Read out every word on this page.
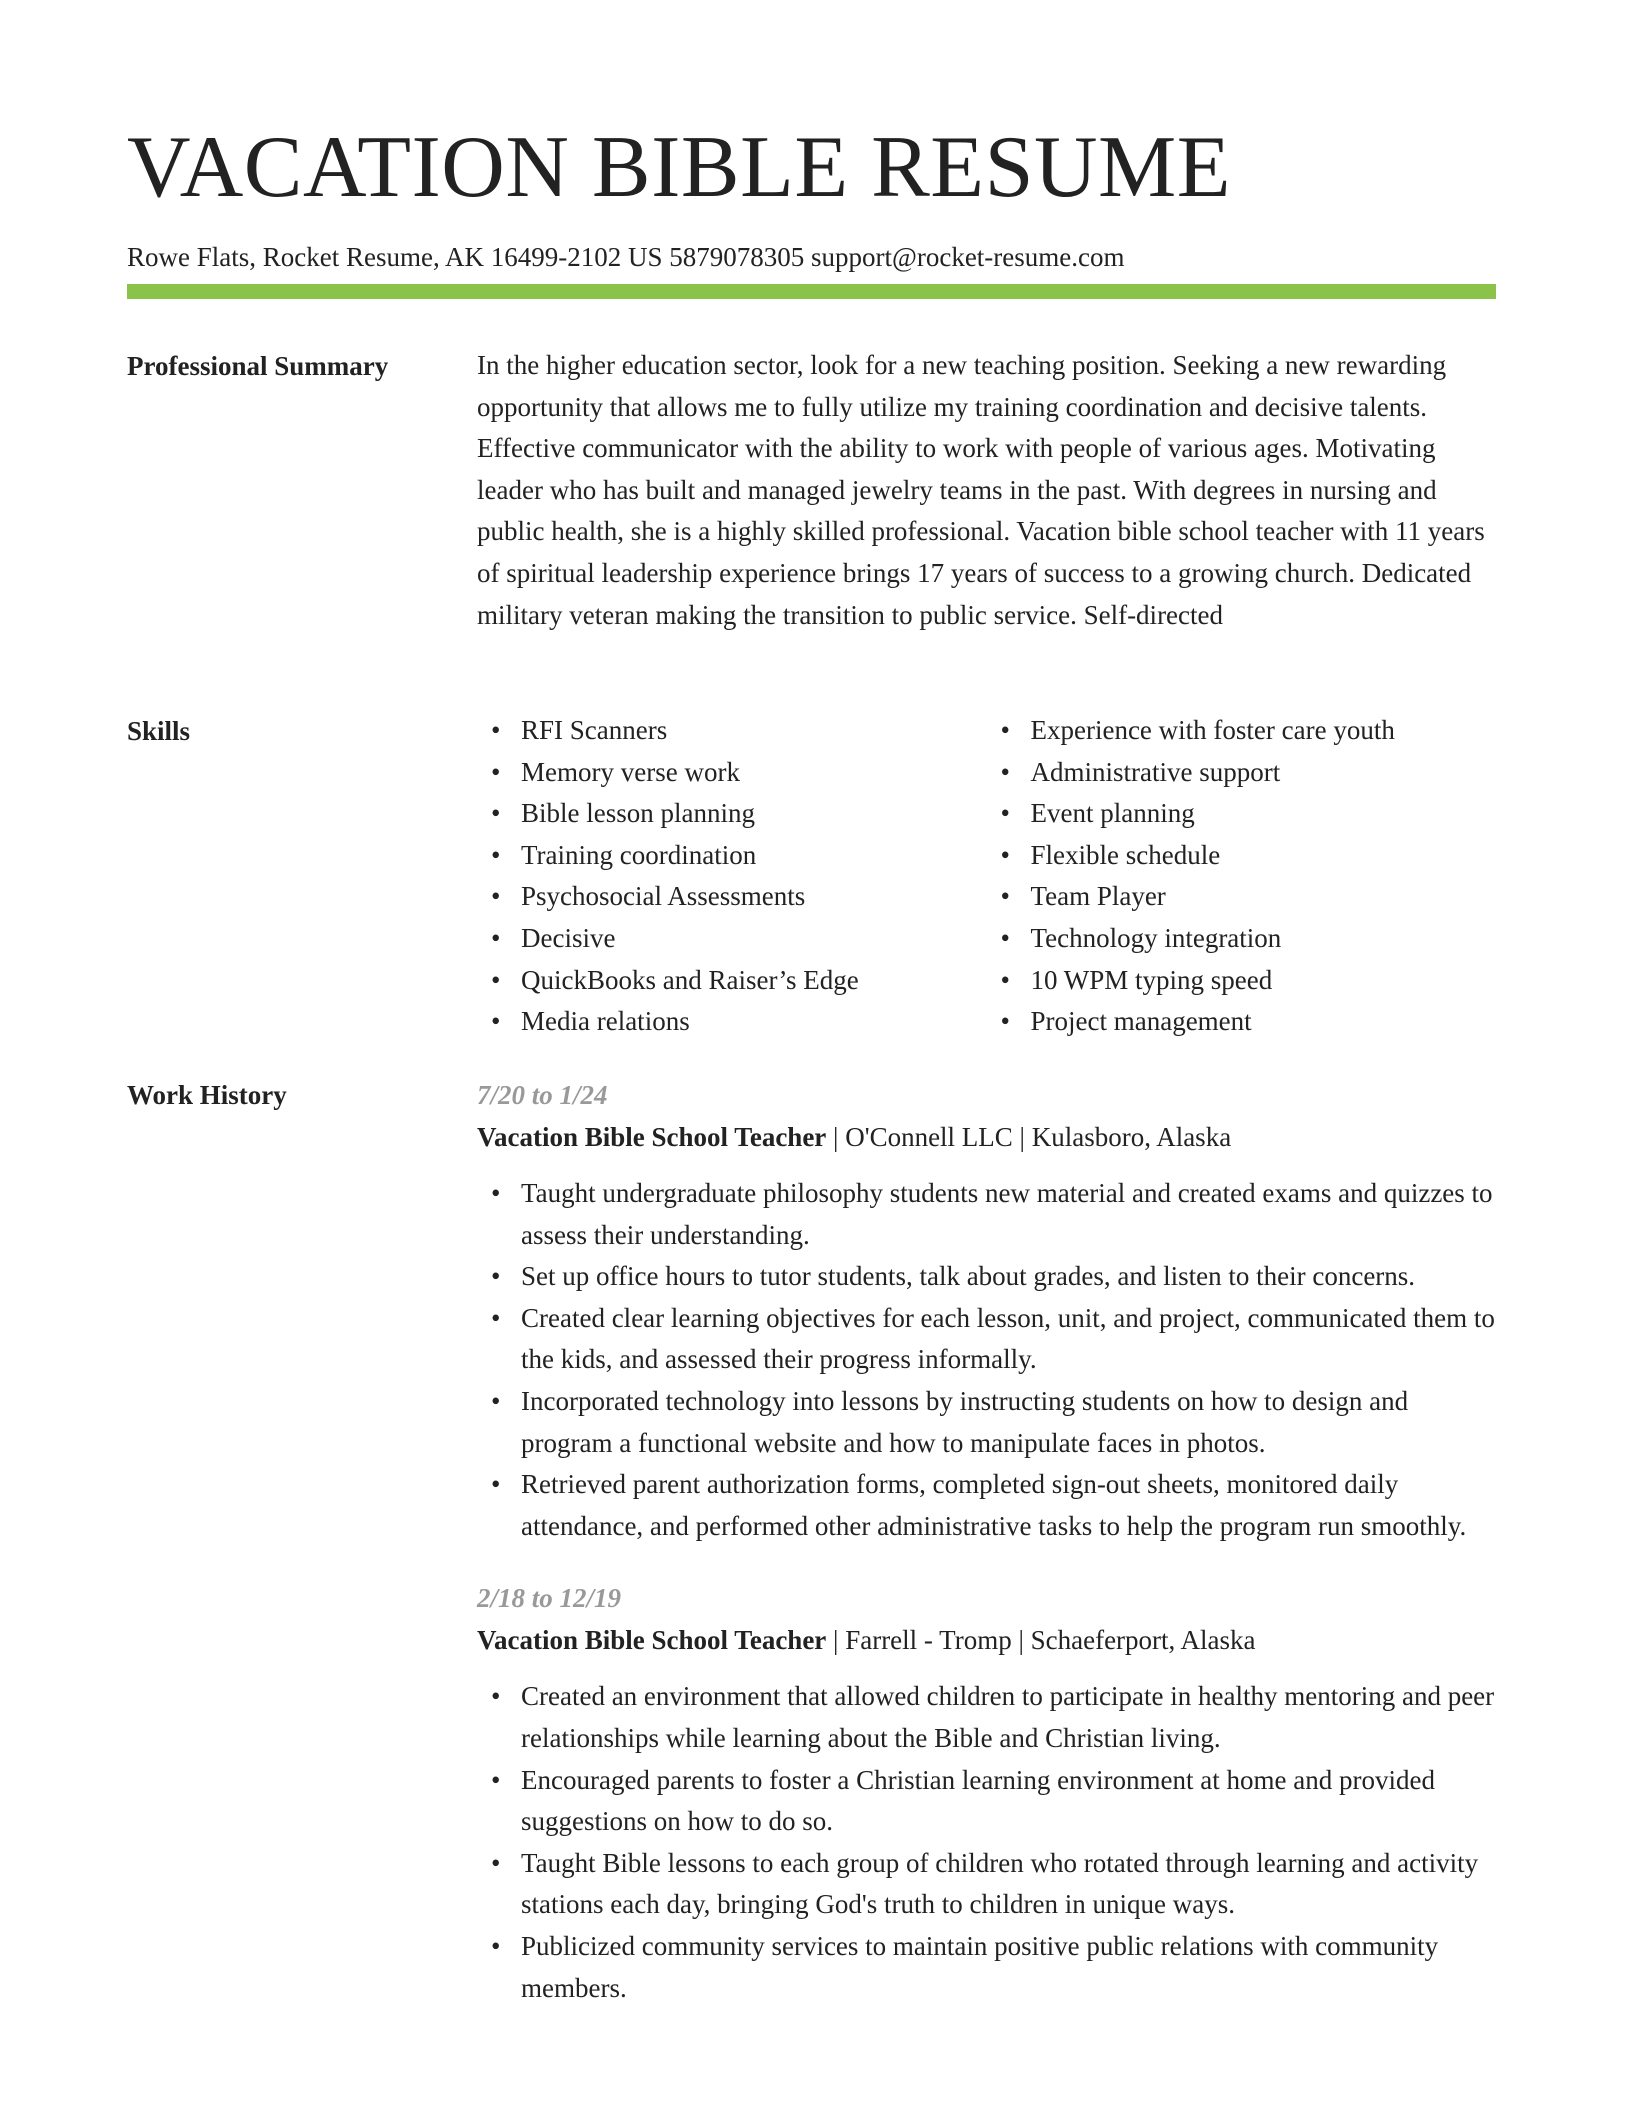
VACATION BIBLE RESUME
Rowe Flats, Rocket Resume, AK 16499-2102 US 5879078305 support@rocket-resume.com
Professional Summary	In the higher education sector, look for a new teaching position. Seeking a new rewarding opportunity that allows me to fully utilize my training coordination and decisive talents. Effective communicator with the ability to work with people of various ages. Motivating leader who has built and managed jewelry teams in the past. With degrees in nursing and public health, she is a highly skilled professional. Vacation bible school teacher with 11 years of spiritual leadership experience brings 17 years of success to a growing church. Dedicated military veteran making the transition to public service. Self-directed

Skills
•	RFI Scanners
• Memory verse work
• Bible lesson planning
• Training coordination
• Psychosocial Assessments
• Decisive
• QuickBooks and Raiser’s Edge
• Media relations
• Experience with foster care youth
• Administrative support
• Event planning
• Flexible schedule
• Team Player
• Technology integration
• 10 WPM typing speed
• Project management
Work History	7/20 to 1/24
Vacation Bible School Teacher | O'Connell LLC | Kulasboro, Alaska
• Taught undergraduate philosophy students new material and created exams and quizzes to assess their understanding.
• Set up office hours to tutor students, talk about grades, and listen to their concerns.
• Created clear learning objectives for each lesson, unit, and project, communicated them to the kids, and assessed their progress informally.
• Incorporated technology into lessons by instructing students on how to design and program a functional website and how to manipulate faces in photos.
• Retrieved parent authorization forms, completed sign-out sheets, monitored daily attendance, and performed other administrative tasks to help the program run smoothly.
2/18 to 12/19
Vacation Bible School Teacher | Farrell - Tromp | Schaeferport, Alaska
• Created an environment that allowed children to participate in healthy mentoring and peer relationships while learning about the Bible and Christian living.
• Encouraged parents to foster a Christian learning environment at home and provided suggestions on how to do so.
• Taught Bible lessons to each group of children who rotated through learning and activity stations each day, bringing God's truth to children in unique ways.
• Publicized community services to maintain positive public relations with community members.
